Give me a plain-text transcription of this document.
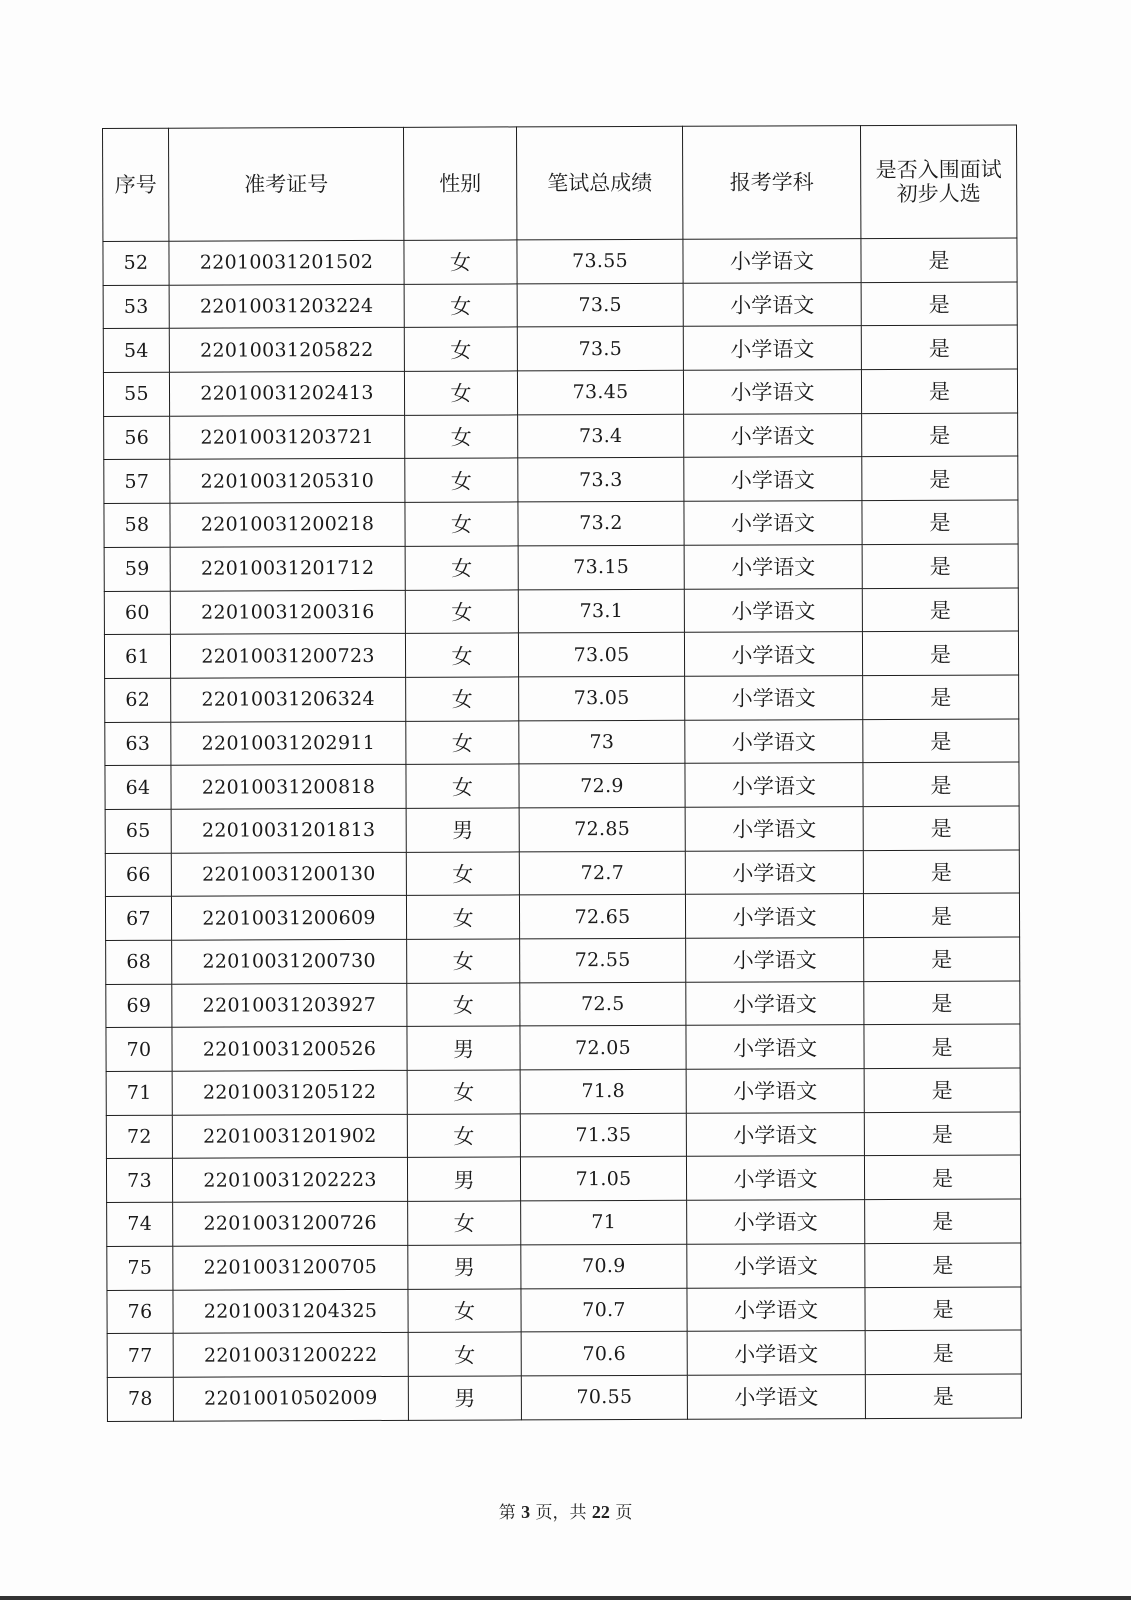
序号	准考证号	性别	笔试总成绩	报考学科	是否入围面试
初步人选

52	22010031201502	女	73.55	小学语文	是
53	22010031203224	女	73.5	小学语文	是
54	22010031205822	女	73.5	小学语文	是
55	22010031202413	女	73.45	小学语文	是
56	22010031203721	女	73.4	小学语文	是
57	22010031205310	女	73.3	小学语文	是
58	22010031200218	女	73.2	小学语文	是
59	22010031201712	女	73.15	小学语文	是
60	22010031200316	女	73.1	小学语文	是
61	22010031200723	女	73.05	小学语文	是
62	22010031206324	女	73.05	小学语文	是
63	22010031202911	女	73	小学语文	是
64	22010031200818	女	72.9	小学语文	是
65	22010031201813	男	72.85	小学语文	是
66	22010031200130	女	72.7	小学语文	是
67	22010031200609	女	72.65	小学语文	是
68	22010031200730	女	72.55	小学语文	是
69	22010031203927	女	72.5	小学语文	是
70	22010031200526	男	72.05	小学语文	是
71	22010031205122	女	71.8	小学语文	是
72	22010031201902	女	71.35	小学语文	是
73	22010031202223	男	71.05	小学语文	是
74	22010031200726	女	71	小学语文	是
75	22010031200705	男	70.9	小学语文	是
76	22010031204325	女	70.7	小学语文	是
77	22010031200222	女	70.6	小学语文	是
78	22010010502009	男	70.55	小学语文	是
第 3 页，共 22 页
